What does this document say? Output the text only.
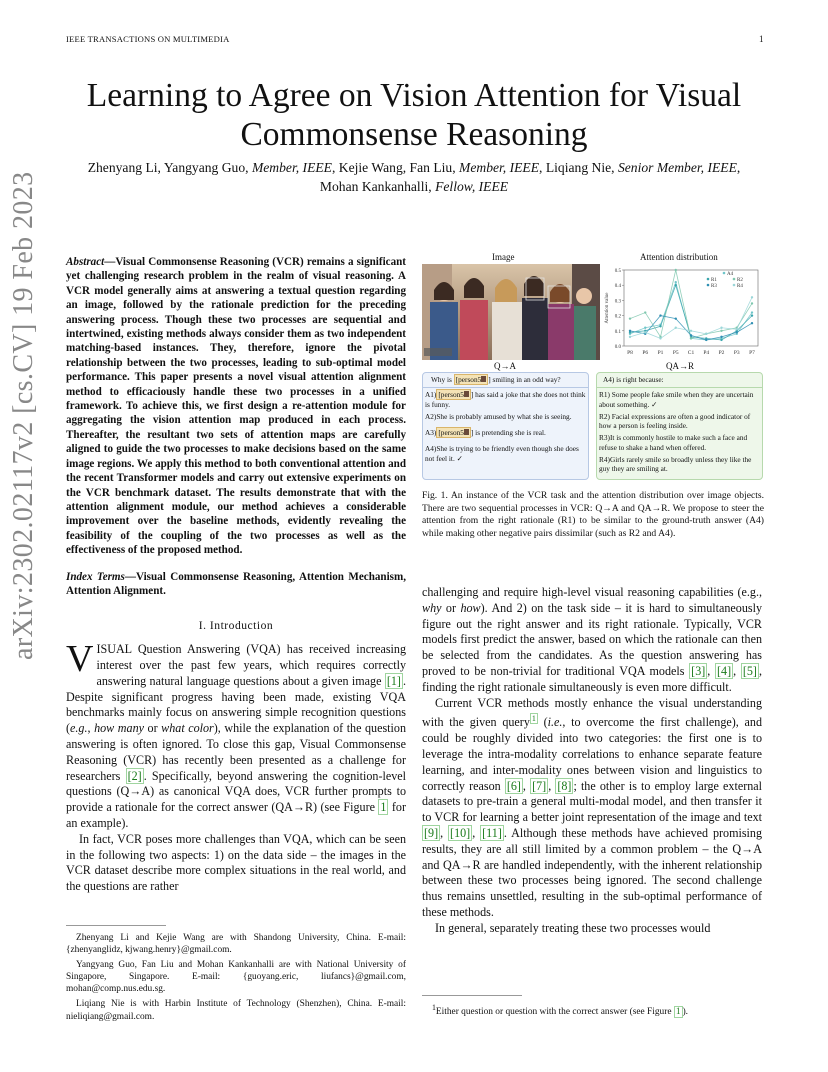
IEEE TRANSACTIONS ON MULTIMEDIA	1
Learning to Agree on Vision Attention for Visual Commonsense Reasoning
Zhenyang Li, Yangyang Guo, Member, IEEE, Kejie Wang, Fan Liu, Member, IEEE, Liqiang Nie, Senior Member, IEEE, Mohan Kankanhalli, Fellow, IEEE
arXiv:2302.02117v2 [cs.CV] 19 Feb 2023 Abstract—Visual Commonsense Reasoning (VCR) remains a significant yet challenging research problem in the realm of visual reasoning. A VCR model generally aims at answering a textual question regarding an image, followed by the rationale prediction for the preceding answering process. Though these two processes are sequential and intertwined, existing methods always consider them as two independent matching-based instances. They, therefore, ignore the pivotal relationship between the two processes, leading to sub-optimal model performance. This paper presents a novel visual attention alignment method to efficaciously handle these two processes in a unified framework. To achieve this, we first design a re-attention module for aggregating the vision attention map produced in each process. Thereafter, the resultant two sets of attention maps are carefully aligned to guide the two processes to make decisions based on the same image regions. We apply this method to both conventional attention and the recent Transformer models and carry out extensive experiments on the VCR benchmark dataset. The results demonstrate that with the attention alignment module, our method achieves a considerable improvement over the baseline methods, evidently revealing the feasibility of the coupling of the two processes as well as the effectiveness of the proposed method.

Index Terms—Visual Commonsense Reasoning, Attention Mechanism, Attention Alignment.

I. Introduction

VISUAL Question Answering (VQA) has received increasing interest over the past few years, which requires correctly answering natural language questions about a given image [1] . Despite significant progress having been made, existing VQA benchmarks mainly focus on answering simple recognition questions (e.g., how many or what color), while the explanation of the question answering is often ignored. To close this gap, Visual Commonsense Reasoning (VCR) has recently been presented as a challenge for researchers [2] . Specifically, beyond answering the cognition-level questions (Q→A) as canonical VQA does, VCR further prompts to provide a rationale for the correct answer (QA→R) (see Figure 1 for an example).

In fact, VCR poses more challenges than VQA, which can be seen in the following two aspects: 1) on the data side – the images in the VCR dataset describe more complex situations in the real world, and the questions are rather

Zhenyang Li and Kejie Wang are with Shandong University, China. E-mail: {zhenyanglidz, kjwang.henry}@gmail.com.

Yangyang Guo, Fan Liu and Mohan Kankanhalli are with National University of Singapore, Singapore. E-mail: {guoyang.eric, liufancs}@gmail.com, mohan@comp.nus.edu.sg.

Liqiang Nie is with Harbin Institute of Technology (Shenzhen), China. E-mail: nieliqiang@gmail.com.

Image	Attention distribution
0.0
0.1
0.2
0.3
0.4
0.5
P8 P6 P1 P5 C1 P4 P2 P3 P7
Attention value
A4
R1	R2
R3	R4
Q→A	QA→R
Why is [person5 ] smiling in an odd way?
A1) [person5 ] has said a joke that she does not think is funny.
A2)She is probably amused by what she is seeing.
A3) [person5 ] is pretending she is real.
A4)She is trying to be friendly even though she does not feel it. ✓
A4) is right because:
R1) Some people fake smile when they are uncertain about something. ✓
R2) Facial expressions are often a good indicator of how a person is feeling inside.
R3)It is commonly hostile to make such a face and refuse to shake a hand when offered.
R4)Girls rarely smile so broadly unless they like the guy they are smiling at.
Fig. 1. An instance of the VCR task and the attention distribution over image objects. There are two sequential processes in VCR: Q→A and QA→R. We propose to steer the attention from the right rationale (R1) to be similar to the ground-truth answer (A4) while making other negative pairs dissimilar (such as R2 and A4).

challenging and require high-level visual reasoning capabilities (e.g., why or how). And 2) on the task side – it is hard to simultaneously figure out the right answer and its right rationale. Typically, VCR models first predict the answer, based on which the rationale can then be selected from the candidates. As the question answering has proved to be non-trivial for traditional VQA models [3] , [4] , [5] , finding the right rationale simultaneously is even more difficult.

Current VCR methods mostly enhance the visual understanding with the given query $^1$ (i.e., to overcome the first challenge), and could be roughly divided into two categories: the first one is to leverage the intra-modality correlations to enhance separate feature learning, and inter-modality ones between vision and linguistics to correctly reason [6] , [7] , [8] ; the other is to employ large external datasets to pre-train a general multi-modal model, and then transfer it to VCR for learning a better joint representation of the image and text [9] , [10] , [11] . Although these methods have achieved promising results, they are all still limited by a common problem – the Q→A and QA→R are handled independently, with the inherent relationship between these two processes being ignored. The second challenge thus remains unsettled, resulting in the sub-optimal performance of these methods.

In general, separately treating these two processes would

$^1$Either question or question with the correct answer (see Figure 1 ).
